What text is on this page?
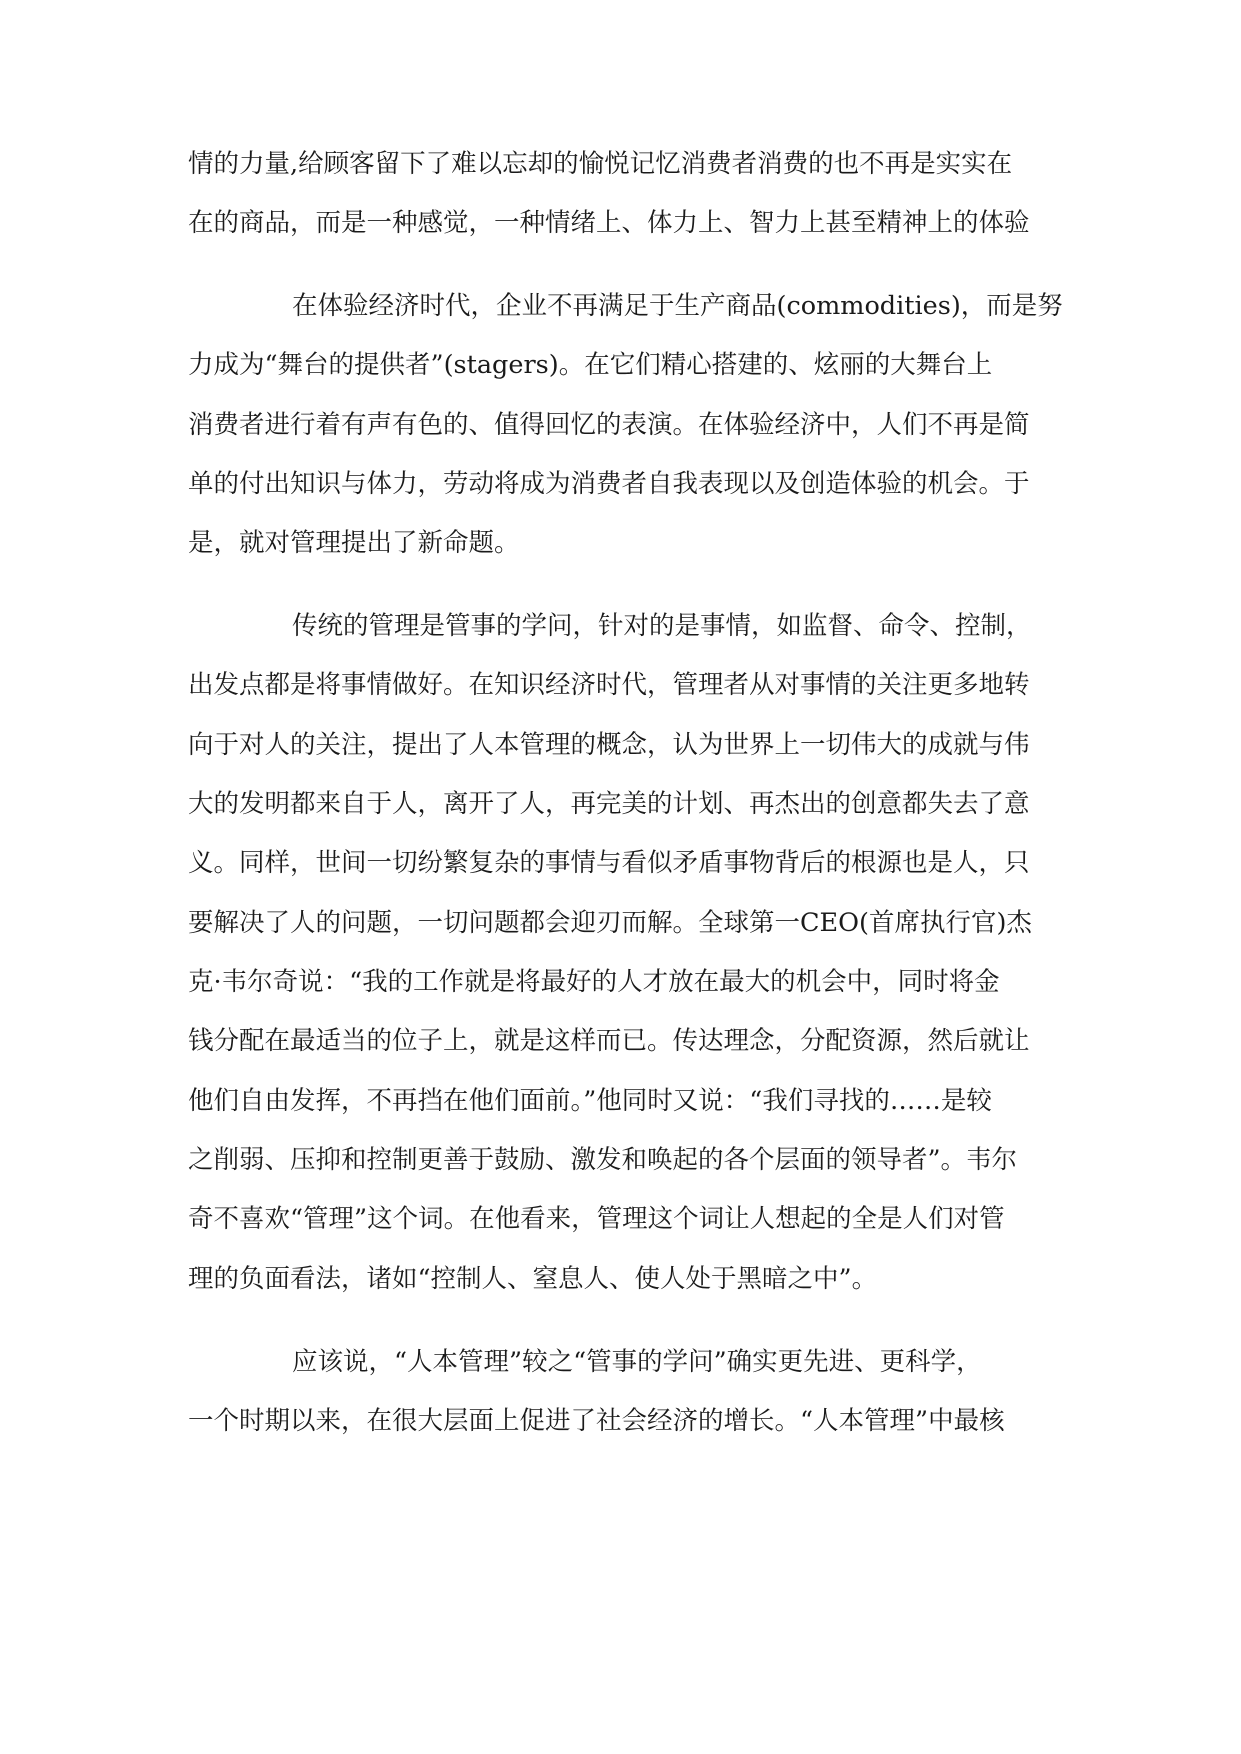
情的力量,给顾客留下了难以忘却的愉悦记忆消费者消费的也不再是实实在
在的商品，而是一种感觉，一种情绪上、体力上、智力上甚至精神上的体验
在体验经济时代，企业不再满足于生产商品(commodities)，而是努
力成为“舞台的提供者”(stagers)。在它们精心搭建的、炫丽的大舞台上
消费者进行着有声有色的、值得回忆的表演。在体验经济中，人们不再是简
单的付出知识与体力，劳动将成为消费者自我表现以及创造体验的机会。于
是，就对管理提出了新命题。
传统的管理是管事的学问，针对的是事情，如监督、命令、控制，
出发点都是将事情做好。在知识经济时代，管理者从对事情的关注更多地转
向于对人的关注，提出了人本管理的概念，认为世界上一切伟大的成就与伟
大的发明都来自于人，离开了人，再完美的计划、再杰出的创意都失去了意
义。同样，世间一切纷繁复杂的事情与看似矛盾事物背后的根源也是人，只
要解决了人的问题，一切问题都会迎刃而解。全球第一CEO(首席执行官)杰
克·韦尔奇说：“我的工作就是将最好的人才放在最大的机会中，同时将金
钱分配在最适当的位子上，就是这样而已。传达理念，分配资源，然后就让
他们自由发挥，不再挡在他们面前。”他同时又说：“我们寻找的……是较
之削弱、压抑和控制更善于鼓励、激发和唤起的各个层面的领导者”。韦尔
奇不喜欢“管理”这个词。在他看来，管理这个词让人想起的全是人们对管
理的负面看法，诸如“控制人、窒息人、使人处于黑暗之中”。
应该说，“人本管理”较之“管事的学问”确实更先进、更科学，
一个时期以来，在很大层面上促进了社会经济的增长。“人本管理”中最核
